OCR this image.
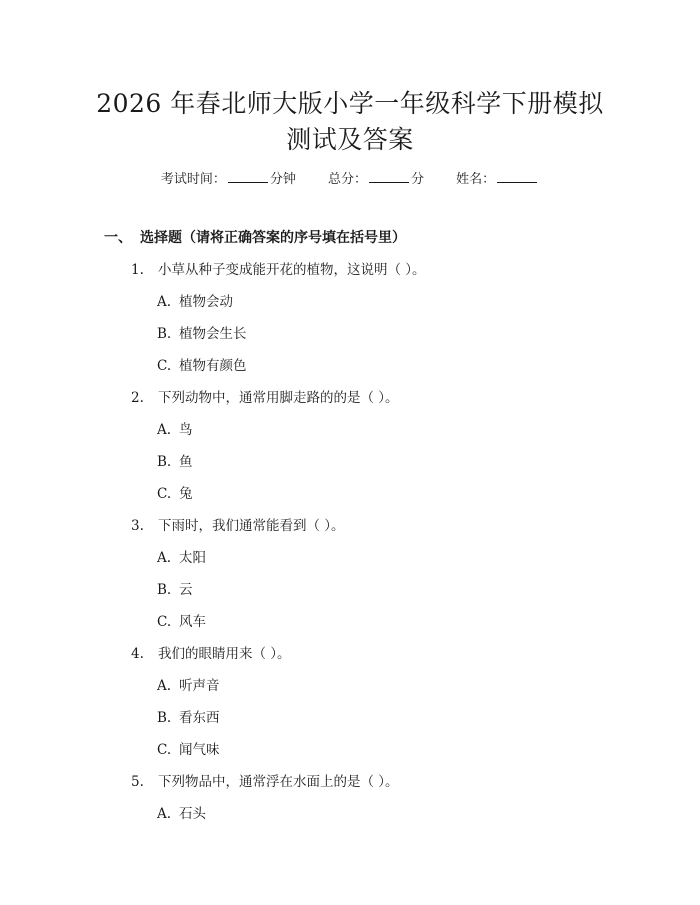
2026 年春北师大版小学一年级科学下册模拟
测试及答案
考试时间：	分钟 总分：	分 姓名：
一、 选择题（请将正确答案的序号填在括号里）
1.	小草从种子变成能开花的植物，这说明（ ）。
A. 植物会动
B. 植物会生长
C. 植物有颜色
2.	下列动物中，通常用脚走路的的是（ ）。
A. 鸟
B. 鱼
C. 兔
3.	下雨时，我们通常能看到（ ）。
A. 太阳
B. 云
C. 风车
4.	我们的眼睛用来（ ）。
A. 听声音
B. 看东西
C. 闻气味
5.	下列物品中，通常浮在水面上的是（ ）。
A. 石头
